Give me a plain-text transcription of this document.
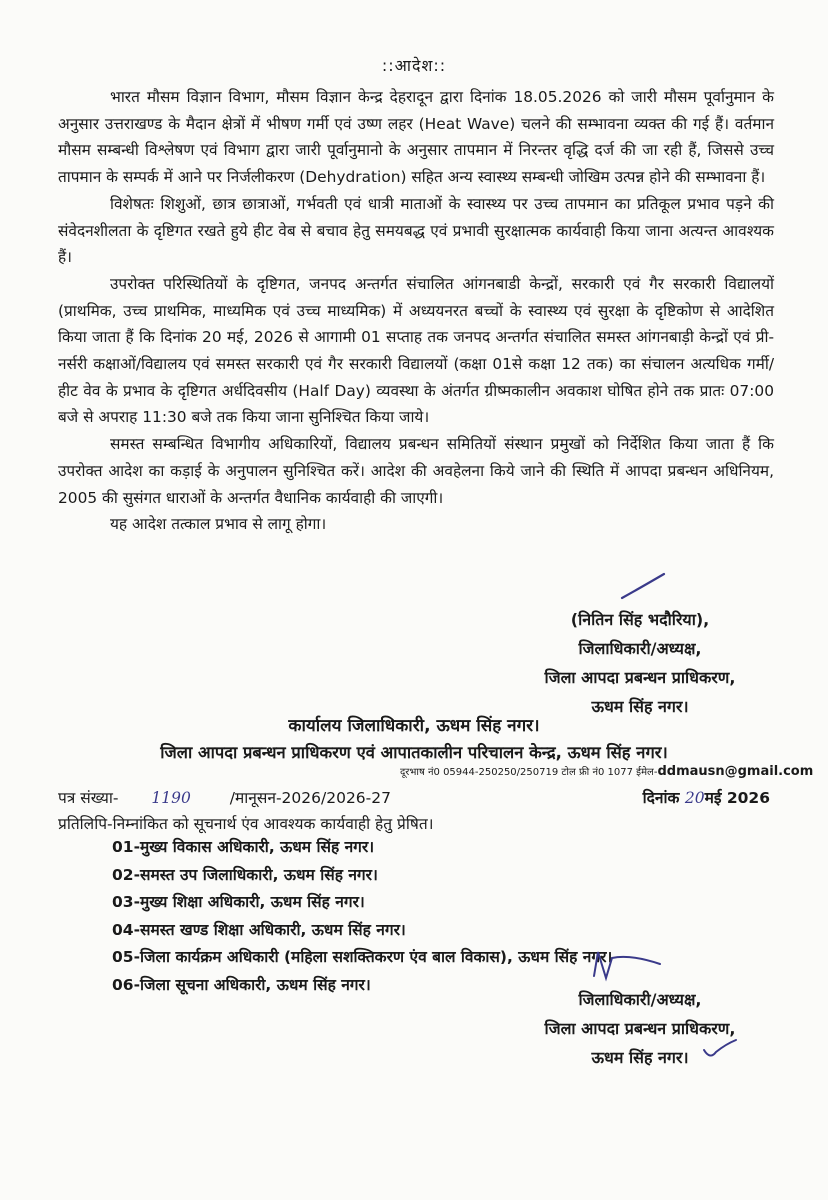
::आदेश::

भारत मौसम विज्ञान विभाग, मौसम विज्ञान केन्द्र देहरादून द्वारा दिनांक 18.05.2026 को जारी मौसम पूर्वानुमान के अनुसार उत्तराखण्ड के मैदान क्षेत्रों में भीषण गर्मी एवं उष्ण लहर (Heat Wave) चलने की सम्भावना व्यक्त की गई हैं। वर्तमान मौसम सम्बन्धी विश्लेषण एवं विभाग द्वारा जारी पूर्वानुमानो के अनुसार तापमान में निरन्तर वृद्धि दर्ज की जा रही हैं, जिससे उच्च तापमान के सम्पर्क में आने पर निर्जलीकरण (Dehydration) सहित अन्य स्वास्थ्य सम्बन्धी जोखिम उत्पन्न होने की सम्भावना हैं।

विशेषतः शिशुओं, छात्र छात्राओं, गर्भवती एवं धात्री माताओं के स्वास्थ्य पर उच्च तापमान का प्रतिकूल प्रभाव पड़ने की संवेदनशीलता के दृष्टिगत रखते हुये हीट वेब से बचाव हेतु समयबद्ध एवं प्रभावी सुरक्षात्मक कार्यवाही किया जाना अत्यन्त आवश्यक हैं।

उपरोक्त परिस्थितियों के दृष्टिगत, जनपद अन्तर्गत संचालित आंगनबाडी केन्द्रों, सरकारी एवं गैर सरकारी विद्यालयों (प्राथमिक, उच्च प्राथमिक, माध्यमिक एवं उच्च माध्यमिक) में अध्ययनरत बच्चों के स्वास्थ्य एवं सुरक्षा के दृष्टिकोण से आदेशित किया जाता हैं कि दिनांक 20 मई, 2026 से आगामी 01 सप्ताह तक जनपद अन्तर्गत संचालित समस्त आंगनबाड़ी केन्द्रों एवं प्री-नर्सरी कक्षाओं/विद्यालय एवं समस्त सरकारी एवं गैर सरकारी विद्यालयों (कक्षा 01से कक्षा 12 तक) का संचालन अत्यधिक गर्मी/हीट वेव के प्रभाव के दृष्टिगत अर्धदिवसीय (Half Day) व्यवस्था के अंतर्गत ग्रीष्मकालीन अवकाश घोषित होने तक प्रातः 07:00 बजे से अपराह 11:30 बजे तक किया जाना सुनिश्चित किया जाये।

समस्त सम्बन्धित विभागीय अधिकारियों, विद्यालय प्रबन्धन समितियों संस्थान प्रमुखों को निर्देशित किया जाता हैं कि उपरोक्त आदेश का कड़ाई के अनुपालन सुनिश्चित करें। आदेश की अवहेलना किये जाने की स्थिति में आपदा प्रबन्धन अधिनियम, 2005 की सुसंगत धाराओं के अन्तर्गत वैधानिक कार्यवाही की जाएगी।

यह आदेश तत्काल प्रभाव से लागू होगा।

(नितिन सिंह भदौरिया),
जिलाधिकारी/अध्यक्ष,
जिला आपदा प्रबन्धन प्राधिकरण,
ऊधम सिंह नगर।
कार्यालय जिलाधिकारी, ऊधम सिंह नगर।
जिला आपदा प्रबन्धन प्राधिकरण एवं आपातकालीन परिचालन केन्द्र, ऊधम सिंह नगर।
दूरभाष नं0 05944-250250/250719 टोल फ्री नं0 1077 ईमेल-ddmausn@gmail.com
पत्र संख्या- 1190	/मानूसन-2026/2026-27	दिनांक 20मई 2026
प्रतिलिपि-निम्नांकित को सूचनार्थ एंव आवश्यक कार्यवाही हेतु प्रेषित।
01-मुख्य विकास अधिकारी, ऊधम सिंह नगर।
02-समस्त उप जिलाधिकारी, ऊधम सिंह नगर।
03-मुख्य शिक्षा अधिकारी, ऊधम सिंह नगर।
04-समस्त खण्ड शिक्षा अधिकारी, ऊधम सिंह नगर।
05-जिला कार्यक्रम अधिकारी (महिला सशक्तिकरण एंव बाल विकास), ऊधम सिंह नगर।
06-जिला सूचना अधिकारी, ऊधम सिंह नगर।
जिलाधिकारी/अध्यक्ष,
जिला आपदा प्रबन्धन प्राधिकरण,
ऊधम सिंह नगर।
